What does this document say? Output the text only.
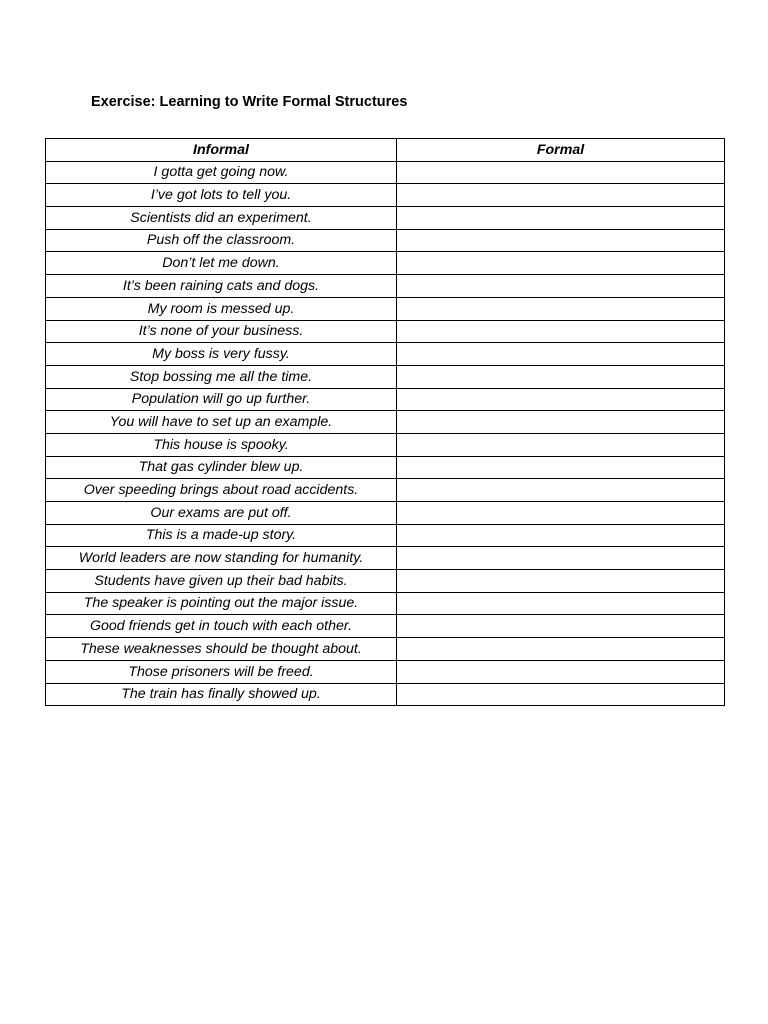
Exercise: Learning to Write Formal Structures
Informal	Formal
I gotta get going now.	
I’ve got lots to tell you.	
Scientists did an experiment.	
Push off the classroom.	
Don’t let me down.	
It’s been raining cats and dogs.	
My room is messed up.	
It’s none of your business.	
My boss is very fussy.	
Stop bossing me all the time.	
Population will go up further.	
You will have to set up an example.	
This house is spooky.	
That gas cylinder blew up.	
Over speeding brings about road accidents.	
Our exams are put off.	
This is a made-up story.	
World leaders are now standing for humanity.	
Students have given up their bad habits.	
The speaker is pointing out the major issue.	
Good friends get in touch with each other.	
These weaknesses should be thought about.	
Those prisoners will be freed.	
The train has finally showed up.	
